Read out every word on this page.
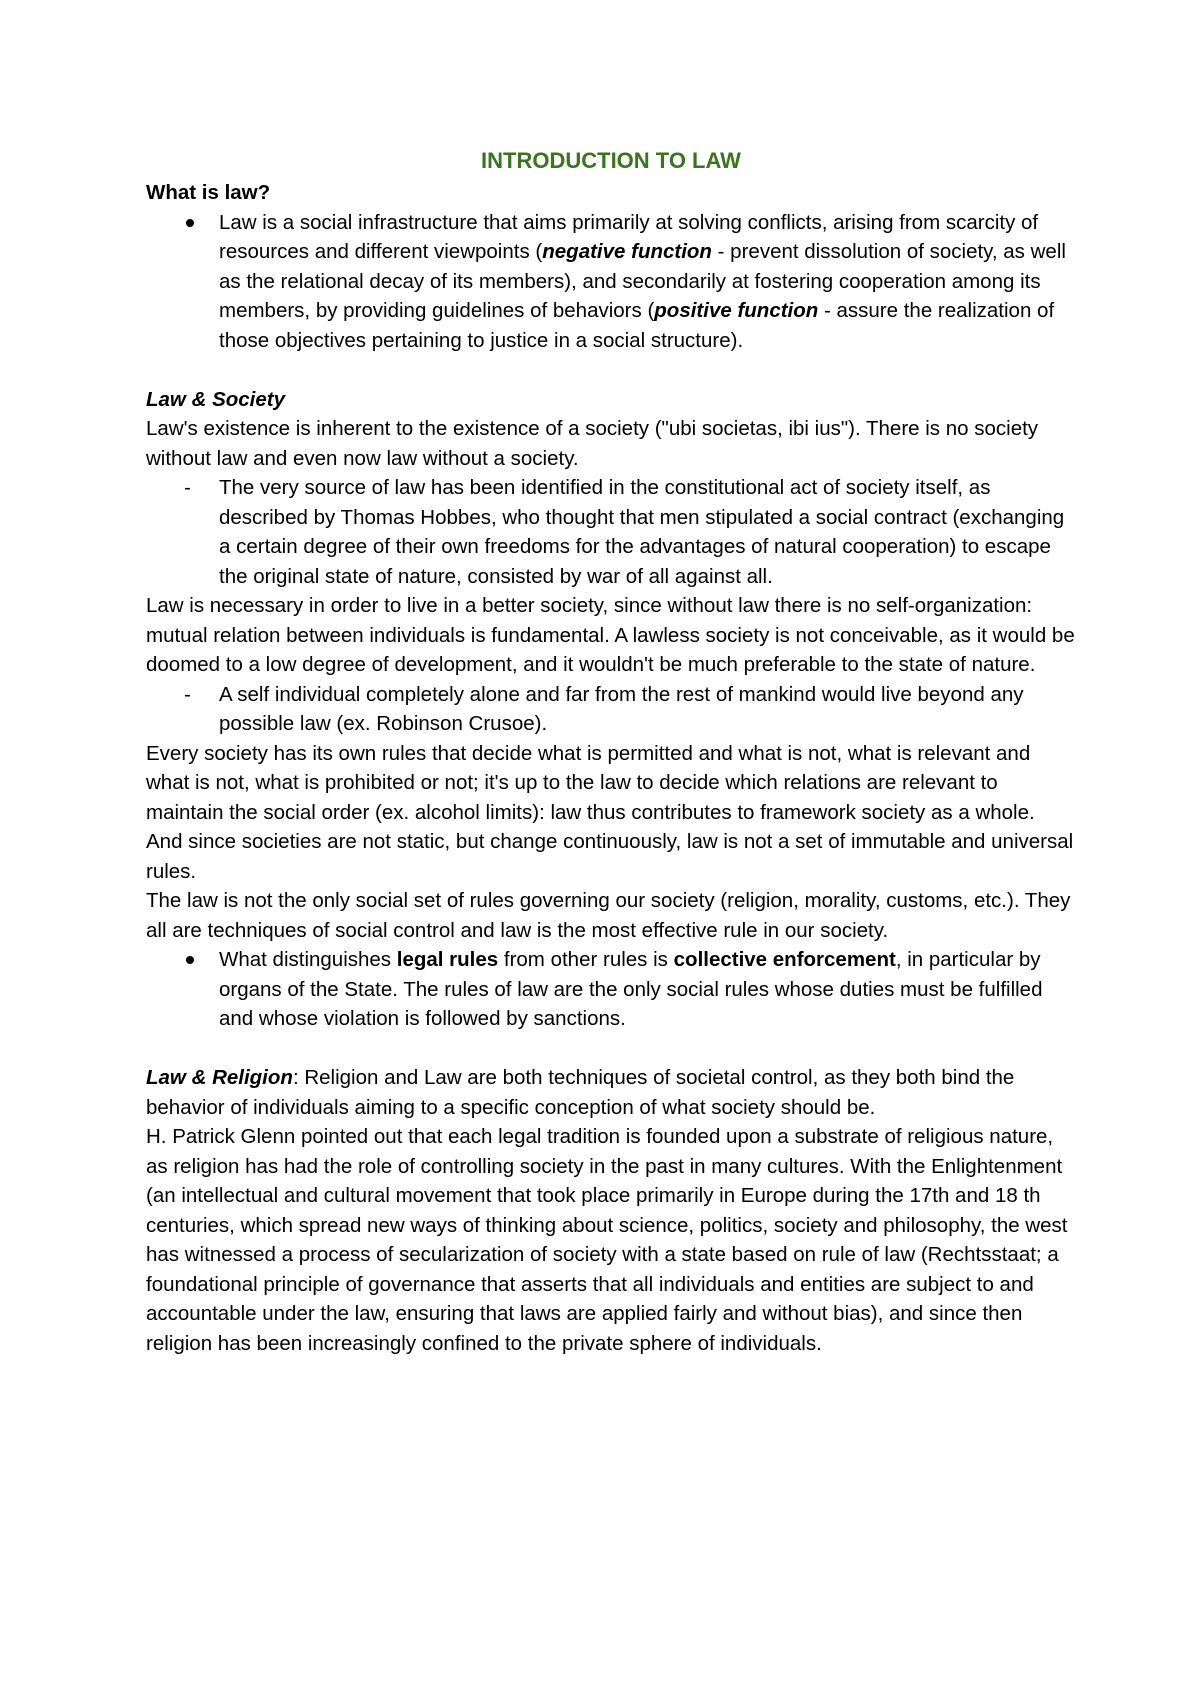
INTRODUCTION TO LAW

What is law?

Law is a social infrastructure that aims primarily at solving conflicts, arising from scarcity of resources and different viewpoints (negative function - prevent dissolution of society, as well as the relational decay of its members), and secondarily at fostering cooperation among its members, by providing guidelines of behaviors (positive function - assure the realization of those objectives pertaining to justice in a social structure).

Law & Society

Law's existence is inherent to the existence of a society ("ubi societas, ibi ius"). There is no society without law and even now law without a society.

- The very source of law has been identified in the constitutional act of society itself, as described by Thomas Hobbes, who thought that men stipulated a social contract (exchanging a certain degree of their own freedoms for the advantages of natural cooperation) to escape the original state of nature, consisted by war of all against all.

Law is necessary in order to live in a better society, since without law there is no self-organization: mutual relation between individuals is fundamental. A lawless society is not conceivable, as it would be doomed to a low degree of development, and it wouldn't be much preferable to the state of nature.

- A self individual completely alone and far from the rest of mankind would live beyond any possible law (ex. Robinson Crusoe).

Every society has its own rules that decide what is permitted and what is not, what is relevant and what is not, what is prohibited or not; it's up to the law to decide which relations are relevant to maintain the social order (ex. alcohol limits): law thus contributes to framework society as a whole.

And since societies are not static, but change continuously, law is not a set of immutable and universal rules.

The law is not the only social set of rules governing our society (religion, morality, customs, etc.). They all are techniques of social control and law is the most effective rule in our society.

What distinguishes legal rules from other rules is collective enforcement, in particular by organs of the State. The rules of law are the only social rules whose duties must be fulfilled and whose violation is followed by sanctions.

Law & Religion: Religion and Law are both techniques of societal control, as they both bind the behavior of individuals aiming to a specific conception of what society should be.

H. Patrick Glenn pointed out that each legal tradition is founded upon a substrate of religious nature, as religion has had the role of controlling society in the past in many cultures. With the Enlightenment (an intellectual and cultural movement that took place primarily in Europe during the 17th and 18 th centuries, which spread new ways of thinking about science, politics, society and philosophy, the west has witnessed a process of secularization of society with a state based on rule of law (Rechtsstaat; a foundational principle of governance that asserts that all individuals and entities are subject to and accountable under the law, ensuring that laws are applied fairly and without bias), and since then religion has been increasingly confined to the private sphere of individuals.
